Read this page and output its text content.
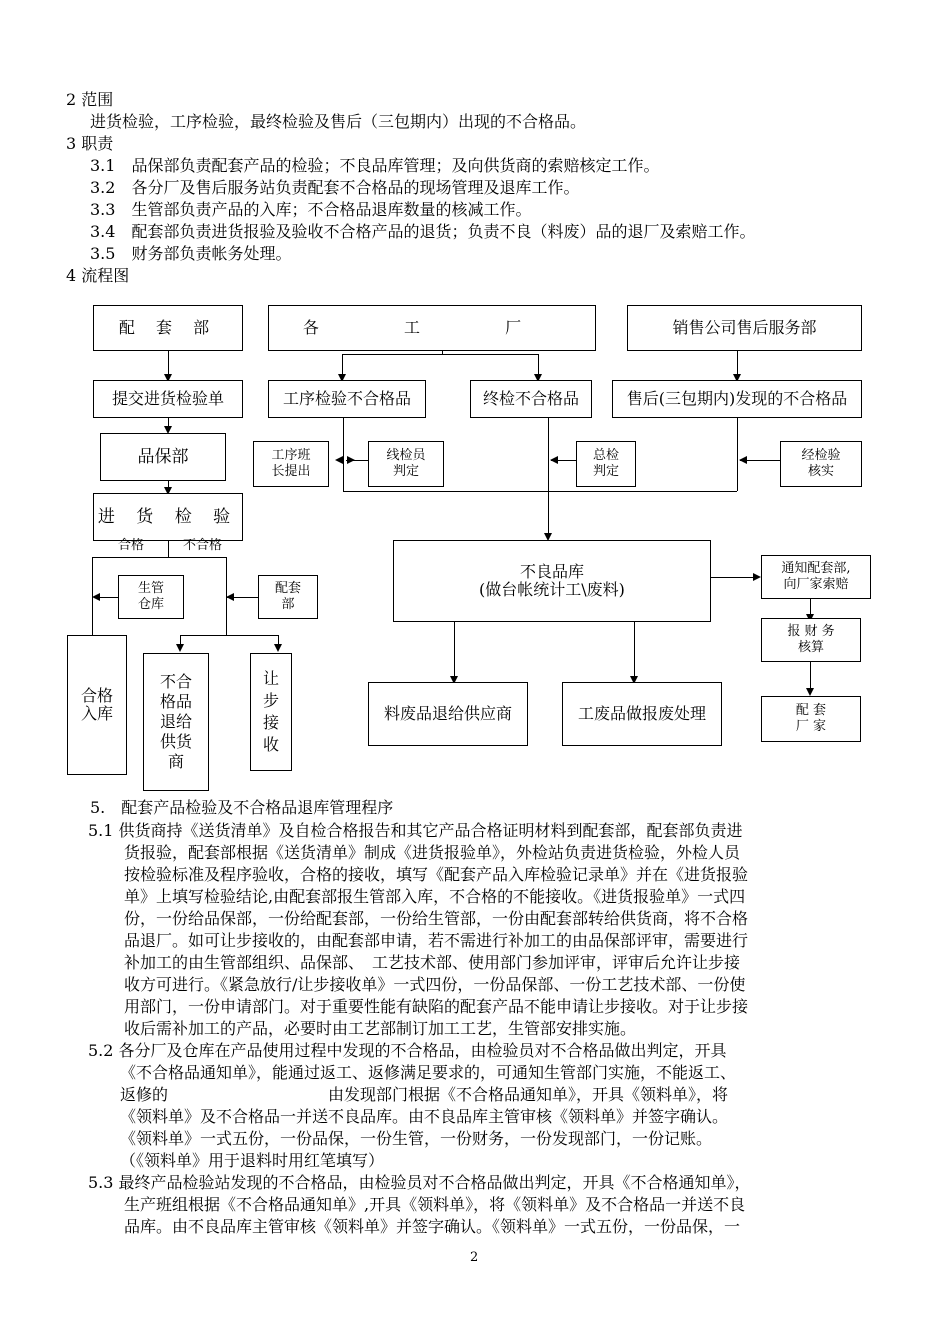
2 范围
进货检验，工序检验，最终检验及售后（三包期内）出现的不合格品。
3 职责
3.1　品保部负责配套产品的检验；不良品库管理；及向供货商的索赔核定工作。
3.2　各分厂及售后服务站负责配套不合格品的现场管理及退库工作。
3.3　生管部负责产品的入库；不合格品退库数量的核减工作。
3.4　配套部负责进货报验及验收不合格产品的退货；负责不良（料废）品的退厂及索赔工作。
3.5　财务部负责帐务处理。
4 流程图
配 套 部	各 工 厂	销售公司售后服务部
提交进货检验单	工序检验不合格品	终检不合格品	售后(三包期内)发现的不合格品
品保部	工序班
长提出
线检员
判定
总检
判定
经检验
核实
进 货 检 验
合格	不合格
不良品库
(做台帐统计工\废料)
通知配套部,
向厂家索赔
生管
仓库
配套
部
报 财 务
核算
合格
入库
不合
格品
退给
供货
商
让
步
接
收
料废品退给供应商	工废品做报废处理	配 套
厂 家
5.　配套产品检验及不合格品退库管理程序
5.1 供货商持《送货清单》及自检合格报告和其它产品合格证明材料到配套部，配套部负责进
货报验，配套部根据《送货清单》制成《进货报验单》，外检站负责进货检验，外检人员
按检验标准及程序验收，合格的接收，填写《配套产品入库检验记录单》并在《进货报验
单》上填写检验结论,由配套部报生管部入库，不合格的不能接收。《进货报验单》一式四
份，一份给品保部，一份给配套部，一份给生管部，一份由配套部转给供货商，将不合格
品退厂。如可让步接收的，由配套部申请，若不需进行补加工的由品保部评审，需要进行
补加工的由生管部组织、品保部、　工艺技术部、使用部门参加评审，评审后允许让步接
收方可进行。《紧急放行/让步接收单》一式四份，一份品保部、一份工艺技术部、一份使
用部门，一份申请部门。对于重要性能有缺陷的配套产品不能申请让步接收。对于让步接
收后需补加工的产品，必要时由工艺部制订加工工艺，生管部安排实施。
5.2 各分厂及仓库在产品使用过程中发现的不合格品，由检验员对不合格品做出判定，开具
《不合格品通知单》，能通过返工、返修满足要求的，可通知生管部门实施，不能返工、
返修的　　　　　　　　　　由发现部门根据《不合格品通知单》，开具《领料单》，将
《领料单》及不合格品一并送不良品库。由不良品库主管审核《领料单》并签字确认。
《领料单》一式五份，一份品保，一份生管，一份财务，一份发现部门，一份记账。
（《领料单》用于退料时用红笔填写）
5.3 最终产品检验站发现的不合格品，由检验员对不合格品做出判定，开具《不合格通知单》，
生产班组根据《不合格品通知单》,开具《领料单》，将《领料单》及不合格品一并送不良
品库。由不良品库主管审核《领料单》并签字确认。《领料单》一式五份，一份品保，一
2
